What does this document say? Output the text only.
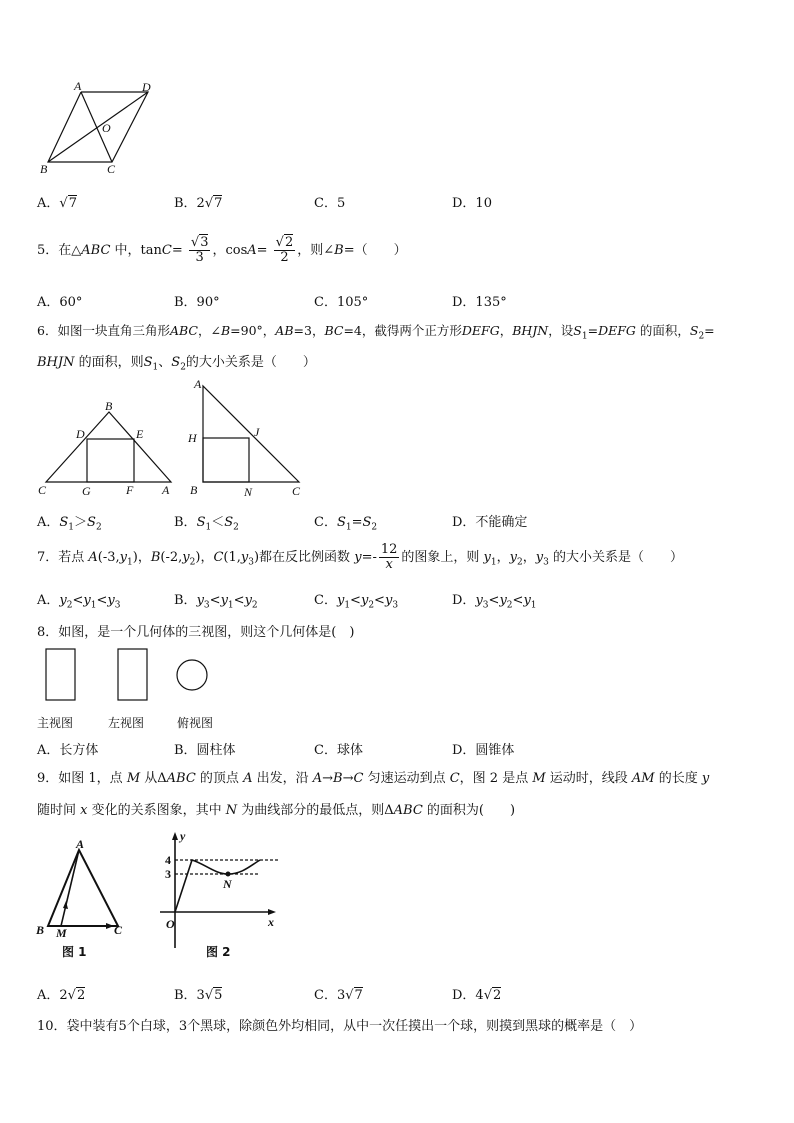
A	D
O
B	C
A．√7	B．2√7	C．5	D．10
5．在△ABC 中，$\tan C= \frac{√3}{3}$ ，$\cos A= \frac{√2}{2}$ ，则∠B=（　　）
A．60°	B．90°	C．105°	D．135°
6．如图一块直角三角形ABC，∠B=90°，AB=3，BC=4，截得两个正方形DEFG，BHJN，设$S_1=DEFG$ 的面积，$S_2=$
BHJN 的面积，则$S_1$、$S_2$的大小关系是（　　）
B
D	E
C	G	F A
A
H	J
B	N	C
A．$S_1>S_2$	B．$S_1<S_2$	C．$S_1=S_2$	D．不能确定
7．若点 $A(-3,y_1)$，$B(-2,y_2)$，$C(1,y_3)$都在反比例函数 $y=- \frac{12}{x}$ 的图象上，则 $y_1$，$y_2$，$y_3$ 的大小关系是（　　）
A．$y_2<y_1<y_3$	B．$y_3<y_1<y_2$	C．$y_1<y_2<y_3$	D．$y_3<y_2<y_1$
8．如图，是一个几何体的三视图，则这个几何体是(　)
主视图	左视图	俯视图
A．长方体	B．圆柱体	C．球体	D．圆锥体
9．如图 1，点 M 从ΔABC 的顶点 A 出发，沿 A→B→C 匀速运动到点 C，图 2 是点 M 运动时，线段 AM 的长度 y
随时间 x 变化的关系图象，其中 N 为曲线部分的最低点，则ΔABC 的面积为(　　)
A
B M	C
图 1
y
4
3
N
O	x
图 2
A．2√2	B．3√5	C．3√7	D．4√2
10．袋中装有5个白球，3个黑球，除颜色外均相同，从中一次任摸出一个球，则摸到黑球的概率是（　）
